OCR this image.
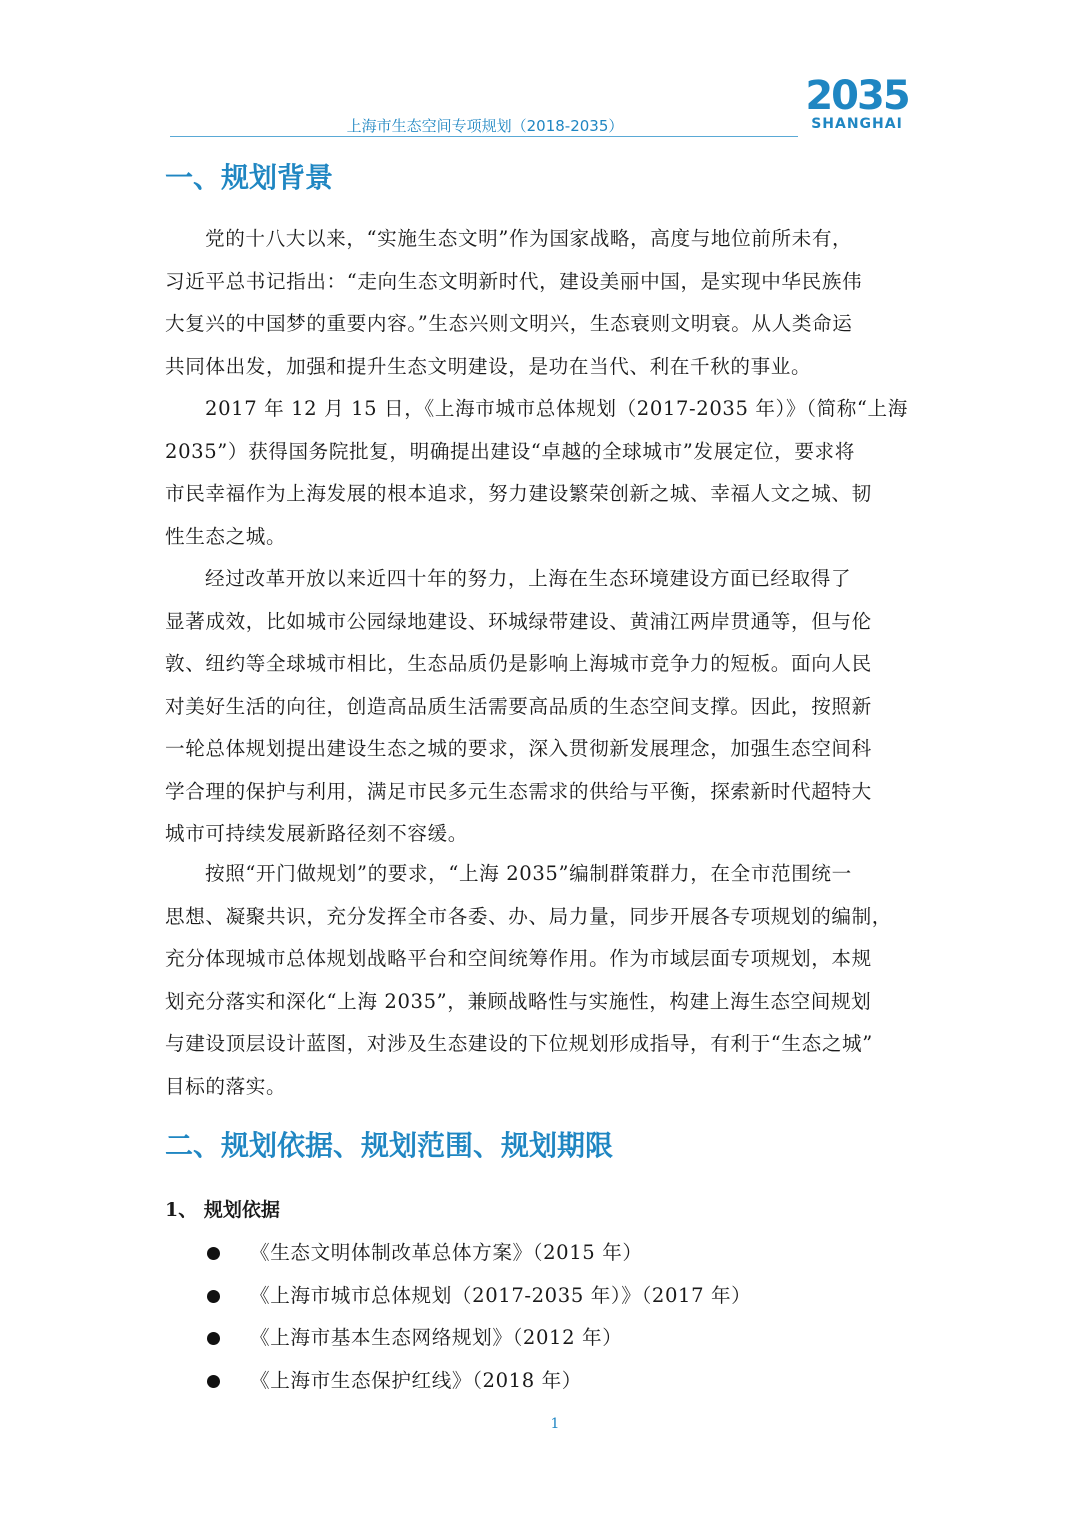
2035
SHANGHAI
上海市生态空间专项规划（2018-2035）
一、规划背景
党的十八大以来，“实施生态文明”作为国家战略，高度与地位前所未有，
习近平总书记指出：“走向生态文明新时代，建设美丽中国，是实现中华民族伟
大复兴的中国梦的重要内容。”生态兴则文明兴，生态衰则文明衰。从人类命运
共同体出发，加强和提升生态文明建设，是功在当代、利在千秋的事业。
2017 年 12 月 15 日，《上海市城市总体规划（2017-2035 年）》（简称“上海
2035”）获得国务院批复，明确提出建设“卓越的全球城市”发展定位，要求将
市民幸福作为上海发展的根本追求，努力建设繁荣创新之城、幸福人文之城、韧
性生态之城。
经过改革开放以来近四十年的努力，上海在生态环境建设方面已经取得了
显著成效，比如城市公园绿地建设、环城绿带建设、黄浦江两岸贯通等，但与伦
敦、纽约等全球城市相比，生态品质仍是影响上海城市竞争力的短板。面向人民
对美好生活的向往，创造高品质生活需要高品质的生态空间支撑。因此，按照新
一轮总体规划提出建设生态之城的要求，深入贯彻新发展理念，加强生态空间科
学合理的保护与利用，满足市民多元生态需求的供给与平衡，探索新时代超特大
城市可持续发展新路径刻不容缓。
按照“开门做规划”的要求，“上海 2035”编制群策群力，在全市范围统一
思想、凝聚共识，充分发挥全市各委、办、局力量，同步开展各专项规划的编制，
充分体现城市总体规划战略平台和空间统筹作用。作为市域层面专项规划，本规
划充分落实和深化“上海 2035”，兼顾战略性与实施性，构建上海生态空间规划
与建设顶层设计蓝图，对涉及生态建设的下位规划形成指导，有利于“生态之城”
目标的落实。
二、规划依据、规划范围、规划期限
1、 规划依据
《生态文明体制改革总体方案》（2015 年）
《上海市城市总体规划（2017-2035 年）》（2017 年）
《上海市基本生态网络规划》（2012 年）
《上海市生态保护红线》（2018 年）
1
